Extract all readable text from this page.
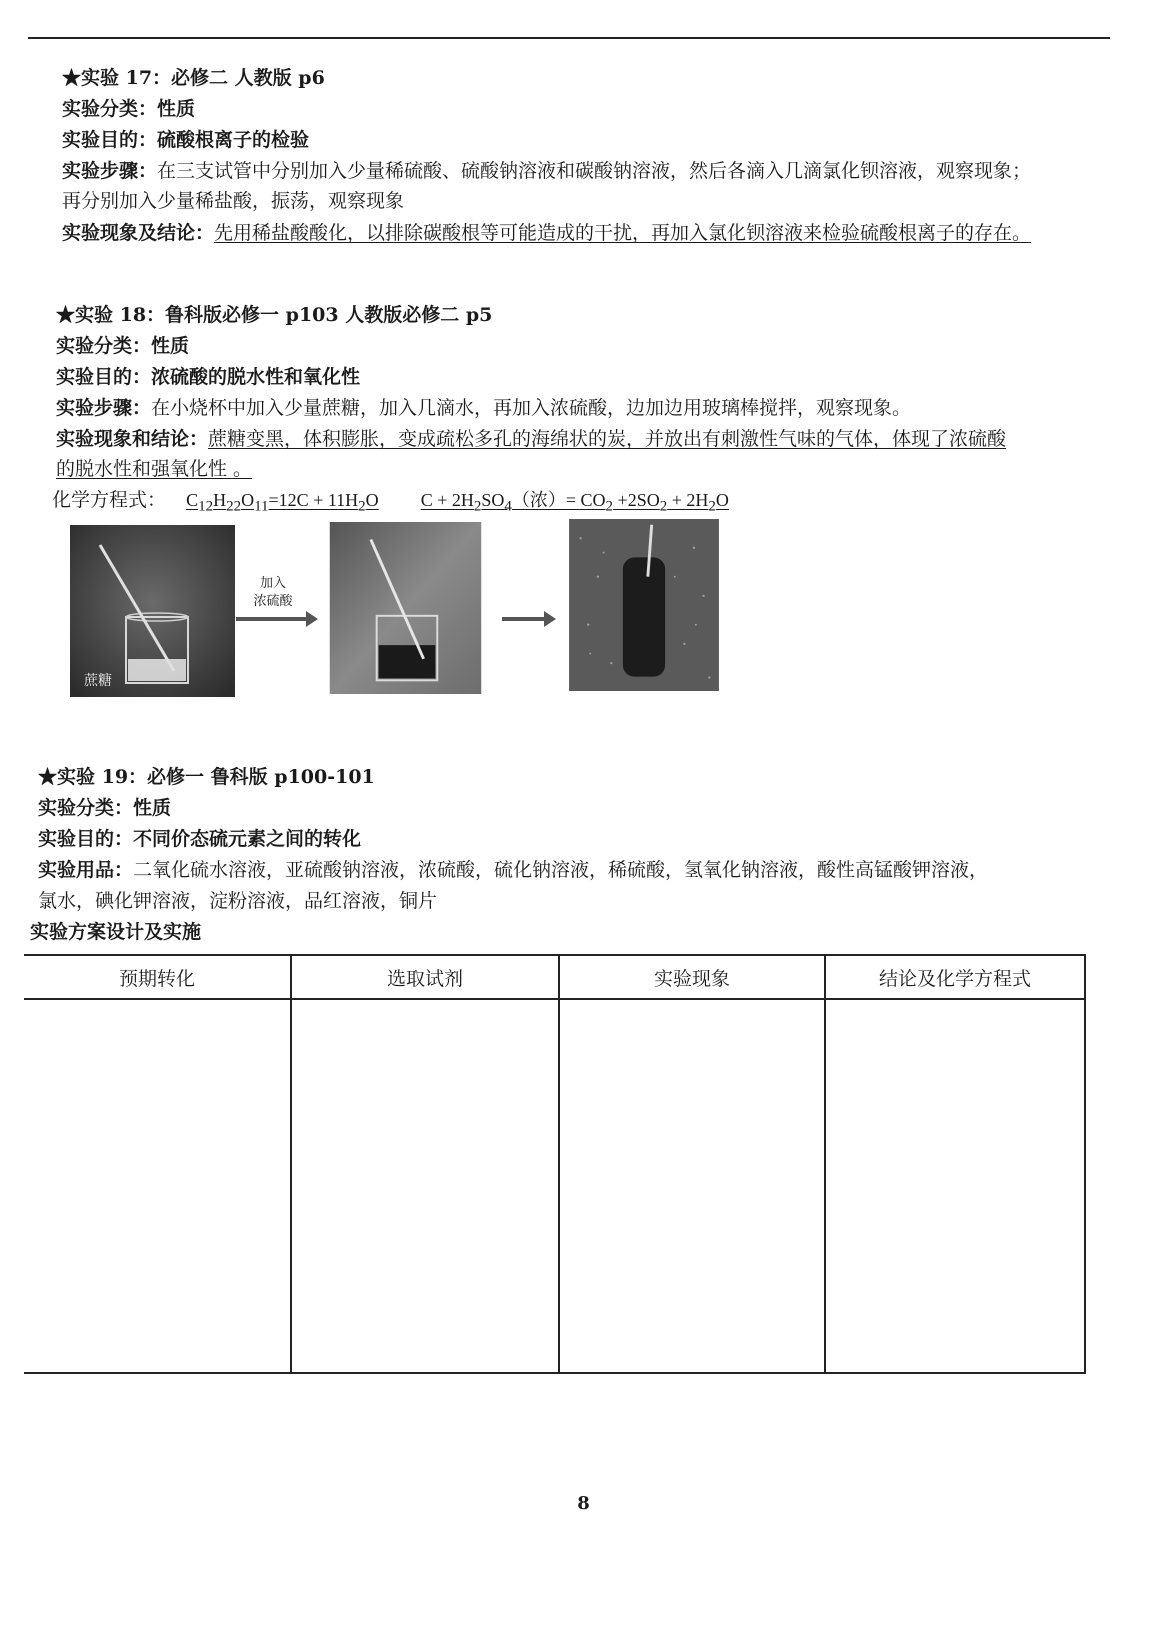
★实验 17：必修二 人教版 p6
实验分类：性质
实验目的：硫酸根离子的检验
实验步骤：在三支试管中分别加入少量稀硫酸、硫酸钠溶液和碳酸钠溶液，然后各滴入几滴氯化钡溶液，观察现象；
再分别加入少量稀盐酸，振荡，观察现象
实验现象及结论：先用稀盐酸酸化，以排除碳酸根等可能造成的干扰，再加入氯化钡溶液来检验硫酸根离子的存在。
★实验 18：鲁科版必修一 p103 人教版必修二 p5
实验分类：性质
实验目的：浓硫酸的脱水性和氧化性
实验步骤：在小烧杯中加入少量蔗糖，加入几滴水，再加入浓硫酸，边加边用玻璃棒搅拌，观察现象。
实验现象和结论：蔗糖变黑，体积膨胀，变成疏松多孔的海绵状的炭，并放出有刺激性气味的气体，体现了浓硫酸
的脱水性和强氧化性 。
化学方程式： $C_{12}H_{22}O_{11}=12C + 11H_2O$ $C + 2H_2SO_4$（浓）= $CO_2 +2SO_2 + 2H_2O$
蔗糖
加入
浓硫酸
★实验 19：必修一 鲁科版 p100-101
实验分类：性质
实验目的：不同价态硫元素之间的转化
实验用品：二氧化硫水溶液，亚硫酸钠溶液，浓硫酸，硫化钠溶液，稀硫酸，氢氧化钠溶液，酸性高锰酸钾溶液，
氯水，碘化钾溶液，淀粉溶液，品红溶液，铜片
实验方案设计及实施
预期转化	选取试剂	实验现象	结论及化学方程式

8
